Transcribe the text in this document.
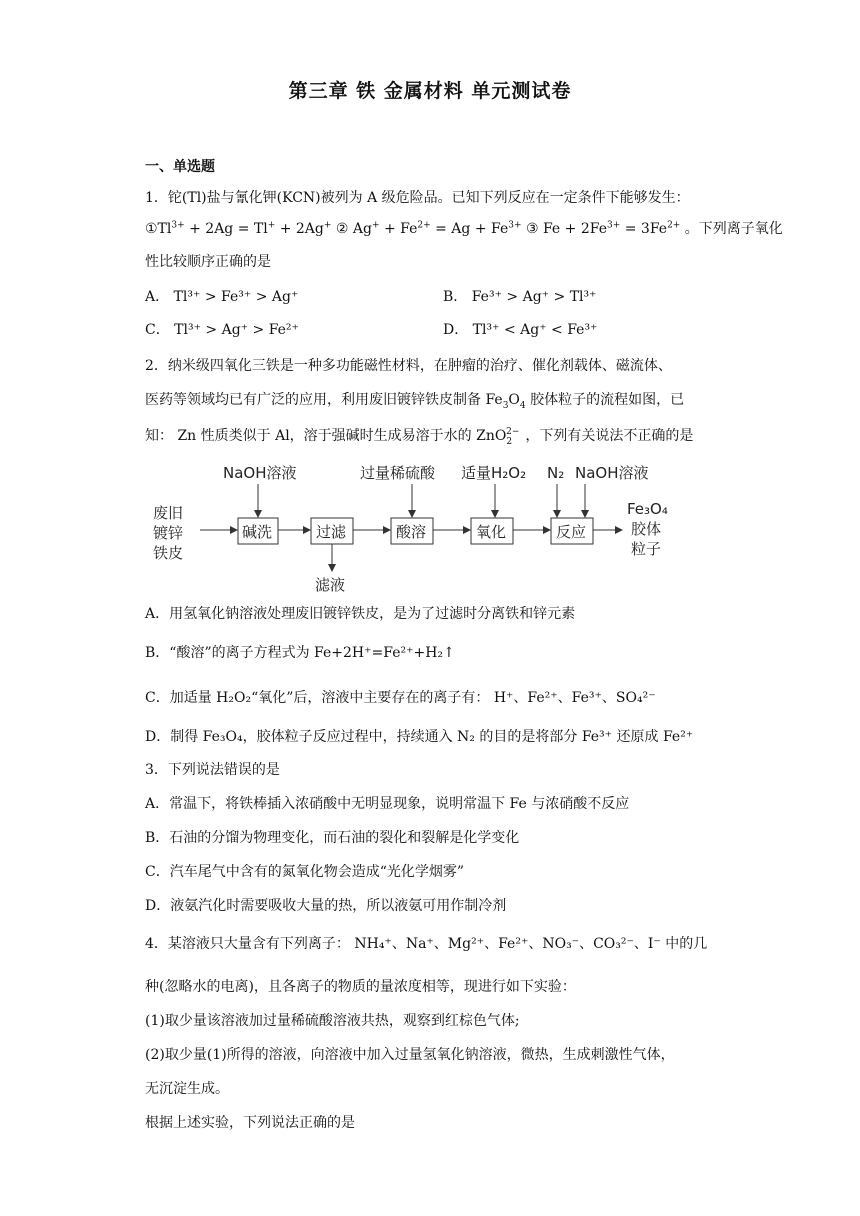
第三章 铁 金属材料 单元测试卷
一、单选题
1．铊(Tl)盐与氰化钾(KCN)被列为 A 级危险品。已知下列反应在一定条件下能够发生：
$①Tl^{3+} + 2Ag = Tl^+ + 2Ag^+$ ② $Ag^+ + Fe^{2+} = Ag + Fe^{3+}$ ③ $Fe + 2Fe^{3+} = 3Fe^{2+}$ 。下列离子氧化
性比较顺序正确的是
A． Tl³⁺ > Fe³⁺ > Ag⁺	B． Fe³⁺ > Ag⁺ > Tl³⁺
C． Tl³⁺ > Ag⁺ > Fe²⁺	D． Tl³⁺ < Ag⁺ < Fe³⁺
2．纳米级四氧化三铁是一种多功能磁性材料，在肿瘤的治疗、催化剂载体、磁流体、
医药等领域均已有广泛的应用，利用废旧镀锌铁皮制备 $Fe_3O_4$ 胶体粒子的流程如图，已
知： Zn 性质类似于 Al，溶于强碱时生成易溶于水的 ZnO$_2^{2-}$ ，下列有关说法不正确的是
废旧
镀锌
铁皮
碱洗	过滤	酸溶	氧化	反应
Fe₃O₄
胶体
粒子
NaOH溶液	过量稀硫酸 适量H₂O₂ N₂ NaOH溶液
滤液
A．用氢氧化钠溶液处理废旧镀锌铁皮，是为了过滤时分离铁和锌元素
B．“酸溶”的离子方程式为 Fe+2H⁺=Fe²⁺+H₂↑
C．加适量 H₂O₂“氧化”后，溶液中主要存在的离子有： H⁺、Fe²⁺、Fe³⁺、SO₄²⁻
D．制得 Fe₃O₄，胶体粒子反应过程中，持续通入 N₂ 的目的是将部分 Fe³⁺ 还原成 Fe²⁺
3．下列说法错误的是
A．常温下，将铁棒插入浓硝酸中无明显现象，说明常温下 Fe 与浓硝酸不反应
B．石油的分馏为物理变化，而石油的裂化和裂解是化学变化
C．汽车尾气中含有的氮氧化物会造成“光化学烟雾”
D．液氨汽化时需要吸收大量的热，所以液氨可用作制冷剂
4．某溶液只大量含有下列离子： NH₄⁺、Na⁺、Mg²⁺、Fe²⁺、NO₃⁻、CO₃²⁻、I⁻ 中的几
种(忽略水的电离)，且各离子的物质的量浓度相等，现进行如下实验：
(1)取少量该溶液加过量稀硫酸溶液共热，观察到红棕色气体;
(2)取少量(1)所得的溶液，向溶液中加入过量氢氧化钠溶液，微热，生成刺激性气体，
无沉淀生成。
根据上述实验，下列说法正确的是
